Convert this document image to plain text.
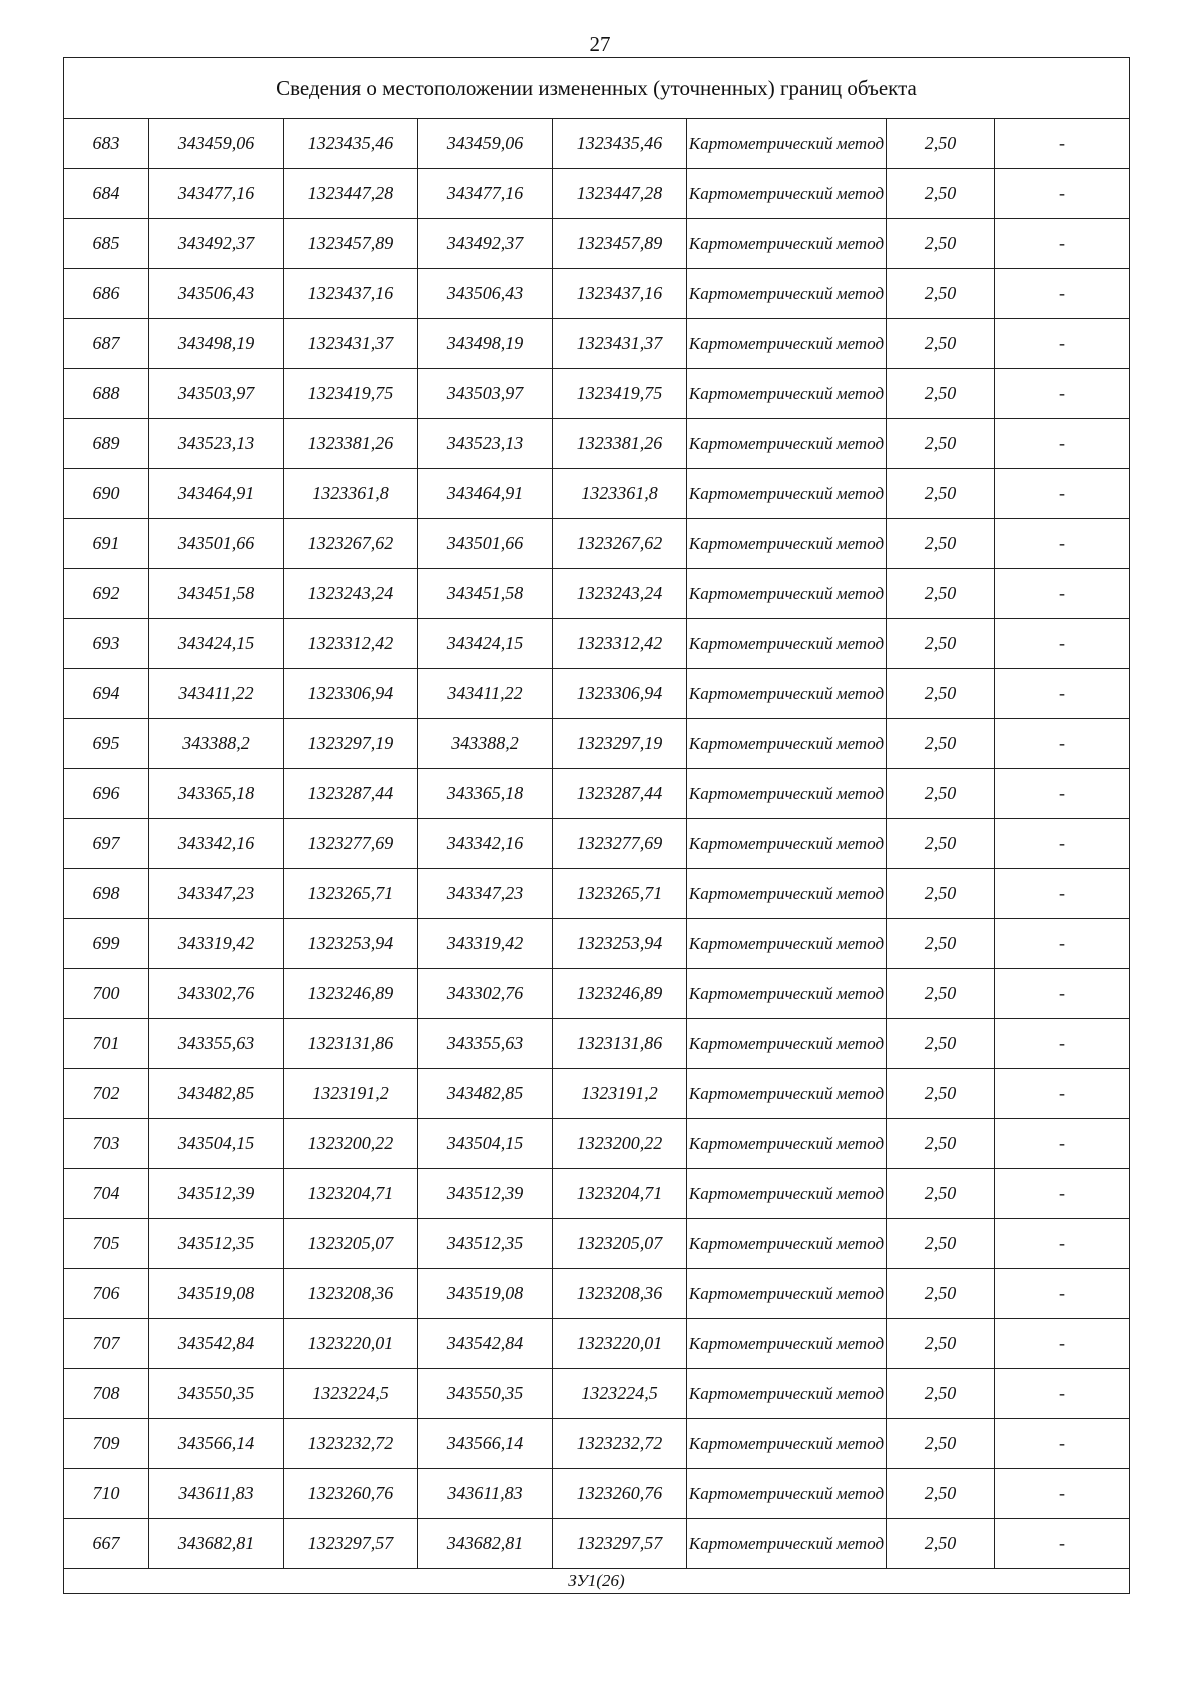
27
Сведения о местоположении измененных (уточненных) границ объекта							
683	343459,06	1323435,46	343459,06	1323435,46	Картометрический метод	2,50	-
684	343477,16	1323447,28	343477,16	1323447,28	Картометрический метод	2,50	-
685	343492,37	1323457,89	343492,37	1323457,89	Картометрический метод	2,50	-
686	343506,43	1323437,16	343506,43	1323437,16	Картометрический метод	2,50	-
687	343498,19	1323431,37	343498,19	1323431,37	Картометрический метод	2,50	-
688	343503,97	1323419,75	343503,97	1323419,75	Картометрический метод	2,50	-
689	343523,13	1323381,26	343523,13	1323381,26	Картометрический метод	2,50	-
690	343464,91	1323361,8	343464,91	1323361,8	Картометрический метод	2,50	-
691	343501,66	1323267,62	343501,66	1323267,62	Картометрический метод	2,50	-
692	343451,58	1323243,24	343451,58	1323243,24	Картометрический метод	2,50	-
693	343424,15	1323312,42	343424,15	1323312,42	Картометрический метод	2,50	-
694	343411,22	1323306,94	343411,22	1323306,94	Картометрический метод	2,50	-
695	343388,2	1323297,19	343388,2	1323297,19	Картометрический метод	2,50	-
696	343365,18	1323287,44	343365,18	1323287,44	Картометрический метод	2,50	-
697	343342,16	1323277,69	343342,16	1323277,69	Картометрический метод	2,50	-
698	343347,23	1323265,71	343347,23	1323265,71	Картометрический метод	2,50	-
699	343319,42	1323253,94	343319,42	1323253,94	Картометрический метод	2,50	-
700	343302,76	1323246,89	343302,76	1323246,89	Картометрический метод	2,50	-
701	343355,63	1323131,86	343355,63	1323131,86	Картометрический метод	2,50	-
702	343482,85	1323191,2	343482,85	1323191,2	Картометрический метод	2,50	-
703	343504,15	1323200,22	343504,15	1323200,22	Картометрический метод	2,50	-
704	343512,39	1323204,71	343512,39	1323204,71	Картометрический метод	2,50	-
705	343512,35	1323205,07	343512,35	1323205,07	Картометрический метод	2,50	-
706	343519,08	1323208,36	343519,08	1323208,36	Картометрический метод	2,50	-
707	343542,84	1323220,01	343542,84	1323220,01	Картометрический метод	2,50	-
708	343550,35	1323224,5	343550,35	1323224,5	Картометрический метод	2,50	-
709	343566,14	1323232,72	343566,14	1323232,72	Картометрический метод	2,50	-
710	343611,83	1323260,76	343611,83	1323260,76	Картометрический метод	2,50	-
667	343682,81	1323297,57	343682,81	1323297,57	Картометрический метод	2,50	-
ЗУ1(26)							
